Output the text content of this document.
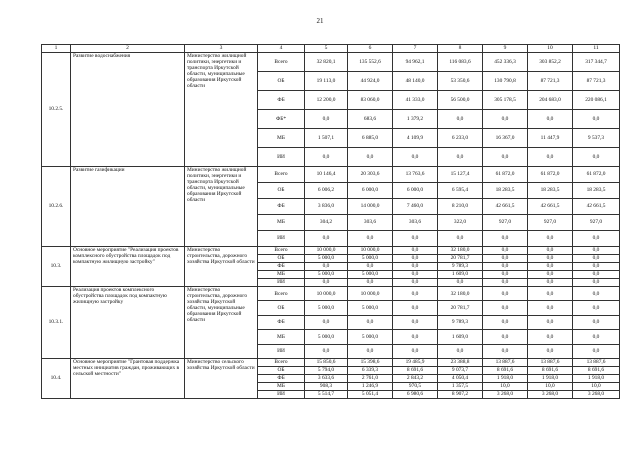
21
1	2	3	4	5	6	7	8	9	10	11
10.2.5.	Развитие водоснабжения	Министерство жилищной политики, энергетики и транспорта Иркутской области, муниципальные образования Иркутской области	Всего	32 820,1	135 552,6	94 962,1	116 083,6	452 336,3	303 852,2	317 344,7
			ОБ	19 113,0	44 924,0	48 140,0	53 350,6	130 790,8	87 721,3	87 721,3
			ФБ	12 200,0	83 060,0	41 333,0	56 500,0	305 178,5	204 683,0	220 086,1
			ФБ*	0,0	683,6	1 379,2	0,0	0,0	0,0	0,0
			МБ	1 507,1	6 885,0	4 109,9	6 233,0	16 367,0	11 447,9	9 537,3
			ИИ	0,0	0,0	0,0	0,0	0,0	0,0	0,0
10.2.6.	Развитие газификации	Министерство жилищной политики, энергетики и транспорта Иркутской области, муниципальные образования Иркутской области	Всего	10 146,4	20 303,6	13 763,6	15 127,4	61 872,0	61 872,0	61 872,0
			ОБ	6 006,2	6 000,0	6 000,0	6 595,4	18 283,5	18 283,5	18 283,5
			ФБ	3 836,0	14 000,0	7 460,0	8 210,0	42 661,5	42 661,5	42 661,5
			МБ	304,2	303,6	303,6	322,0	927,0	927,0	927,0
			ИИ	0,0	0,0	0,0	0,0	0,0	0,0	0,0
10.3.	Основное мероприятие "Реализация проектов комплексного обустройства площадок под компактную жилищную застройку"	Министерство строительства, дорожного хозяйства Иркутской области	Всего	10 000,0	10 000,0	0,0	32 180,0	0,0	0,0	0,0
			ОБ	5 000,0	5 000,0	0,0	20 781,7	0,0	0,0	0,0
			ФБ	0,0	0,0	0,0	9 789,3	0,0	0,0	0,0
			МБ	5 000,0	5 000,0	0,0	1 609,0	0,0	0,0	0,0
			ИИ	0,0	0,0	0,0	0,0	0,0	0,0	0,0
10.3.1.	Реализация проектов комплексного обустройства площадок под компактную жилищную застройку	Министерство строительства, дорожного хозяйства Иркутской области, муниципальные образования Иркутской области	Всего	10 000,0	10 000,0	0,0	32 180,0	0,0	0,0	0,0
			ОБ	5 000,0	5 000,0	0,0	20 781,7	0,0	0,0	0,0
			ФБ	0,0	0,0	0,0	9 789,3	0,0	0,0	0,0
			МБ	5 000,0	5 000,0	0,0	1 609,0	0,0	0,0	0,0
			ИИ	0,0	0,0	0,0	0,0	0,0	0,0	0,0
10.4.	Основное мероприятие "Грантовая поддержка местных инициатив граждан, проживающих в сельской местности"	Министерство сельского хозяйства Иркутской области	Всего	15 850,6	15 398,6	19 485,9	23 388,8	13 887,6	13 887,6	13 887,6
			ОБ	5 794,0	6 339,3	8 691,6	9 073,7	8 691,6	8 691,6	8 691,6
			ФБ	3 633,6	2 761,0	2 843,2	4 050,4	1 918,0	1 918,0	1 918,0
			МБ	908,3	1 246,9	970,5	1 357,5	10,0	10,0	10,0
			ИИ	5 514,7	5 051,4	6 980,6	8 907,2	3 268,0	3 268,0	3 268,0
